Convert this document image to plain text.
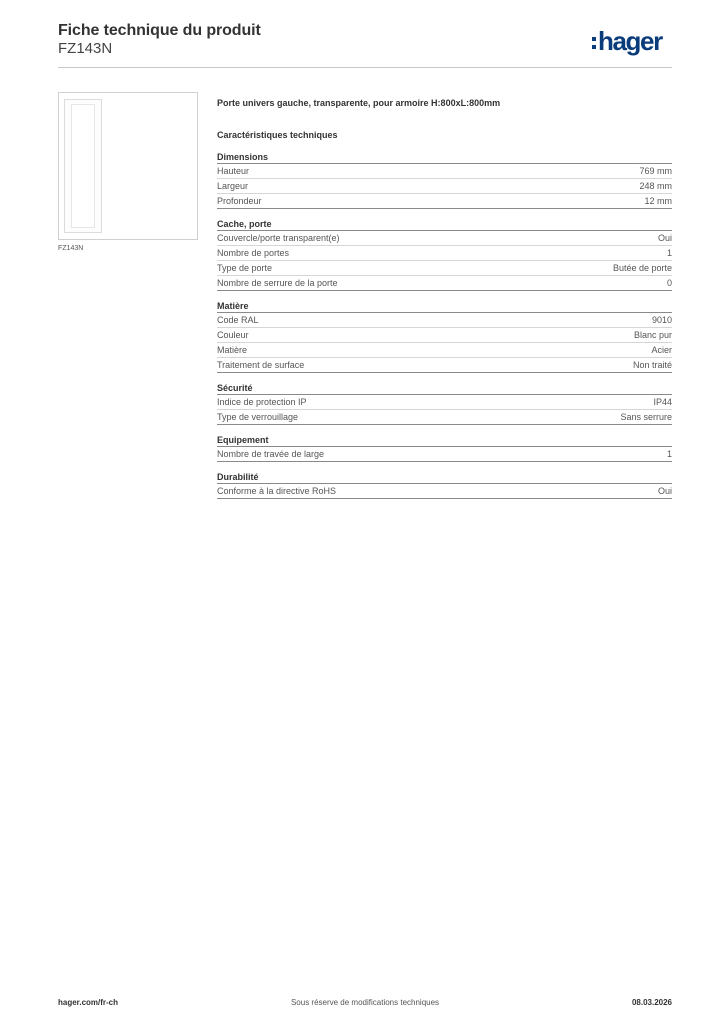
Fiche technique du produit
FZ143N	hager
FZ143N
Porte univers gauche, transparente, pour armoire H:800xL:800mm
Caractéristiques techniques
Dimensions
Hauteur	769 mm
Largeur	248 mm
Profondeur	12 mm
Cache, porte
Couvercle/porte transparent(e)	Oui
Nombre de portes	1
Type de porte	Butée de porte
Nombre de serrure de la porte	0
Matière
Code RAL	9010
Couleur	Blanc pur
Matière	Acier
Traitement de surface	Non traité
Sécurité
Indice de protection IP	IP44
Type de verrouillage	Sans serrure
Equipement
Nombre de travée de large	1
Durabilité
Conforme à la directive RoHS	Oui
Sous réserve de modifications techniques
hager.com/fr-ch	08.03.2026
